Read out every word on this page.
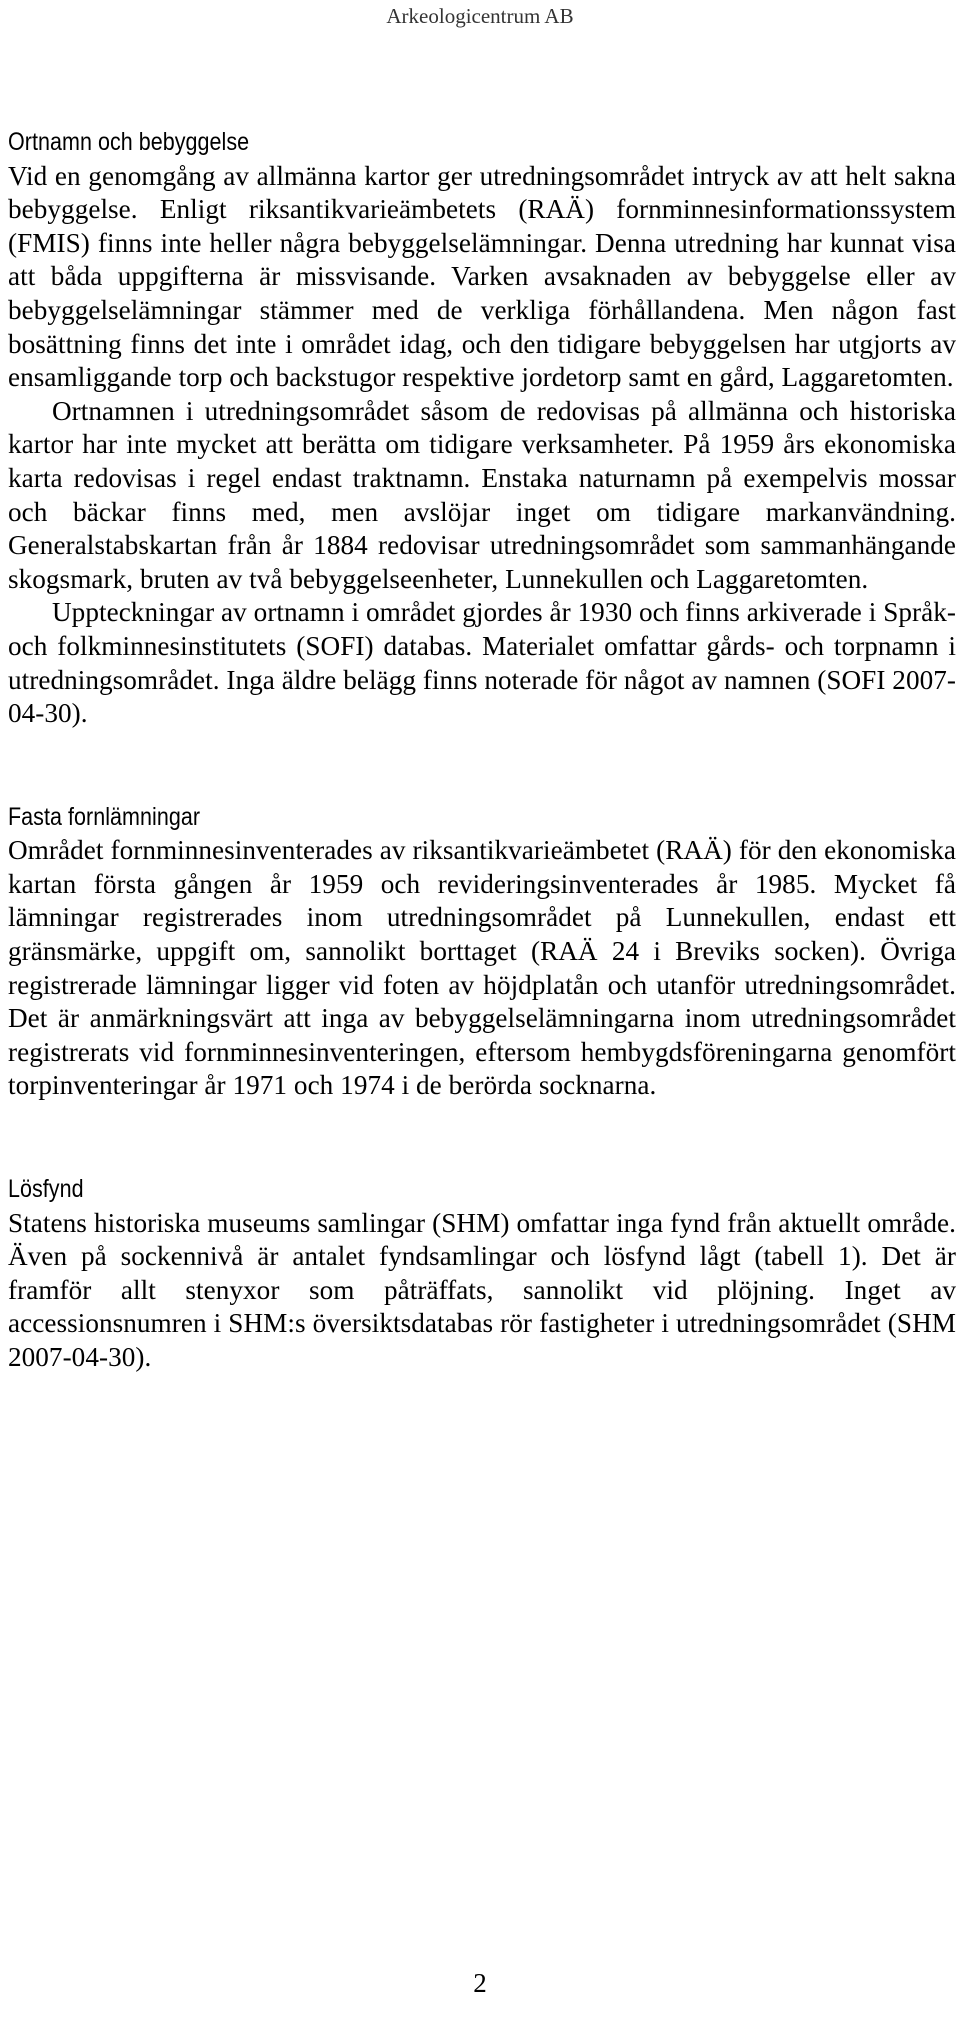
Arkeologicentrum AB
Ortnamn och bebyggelse

Vid en genomgång av allmänna kartor ger utredningsområdet intryck av att helt sakna bebyggelse. Enligt riksantikvarieämbetets (RAÄ) fornminnesinformationssystem (FMIS) finns inte heller några bebyggelselämningar. Denna utredning har kunnat visa att båda uppgifterna är missvisande. Varken avsaknaden av bebyggelse eller av bebyggelselämningar stämmer med de verkliga förhållandena. Men någon fast bosättning finns det inte i området idag, och den tidigare bebyggelsen har utgjorts av ensamliggande torp och backstugor respektive jordetorp samt en gård, Laggaretomten.

Ortnamnen i utredningsområdet såsom de redovisas på allmänna och historiska kartor har inte mycket att berätta om tidigare verksamheter. På 1959 års ekonomiska karta redovisas i regel endast traktnamn. Enstaka naturnamn på exempelvis mossar och bäckar finns med, men avslöjar inget om tidigare markanvändning. Generalstabskartan från år 1884 redovisar utredningsområdet som sammanhängande skogsmark, bruten av två bebyggelseenheter, Lunnekullen och Laggaretomten.

Uppteckningar av ortnamn i området gjordes år 1930 och finns arkiverade i Språk- och folkminnesinstitutets (SOFI) databas. Materialet omfattar gårds- och torpnamn i utredningsområdet. Inga äldre belägg finns noterade för något av namnen (SOFI 2007-04-30).

Fasta fornlämningar

Området fornminnesinventerades av riksantikvarieämbetet (RAÄ) för den ekonomiska kartan första gången år 1959 och revideringsinventerades år 1985. Mycket få lämningar registrerades inom utredningsområdet på Lunnekullen, endast ett gränsmärke, uppgift om, sannolikt borttaget (RAÄ 24 i Breviks socken). Övriga registrerade lämningar ligger vid foten av höjdplatån och utanför utredningsområdet. Det är anmärkningsvärt att inga av bebyggelselämningarna inom utredningsområdet registrerats vid fornminnesinventeringen, eftersom hembygdsföreningarna genomfört torpinventeringar år 1971 och 1974 i de berörda socknarna.

Lösfynd

Statens historiska museums samlingar (SHM) omfattar inga fynd från aktuellt område. Även på sockennivå är antalet fyndsamlingar och lösfynd lågt (tabell 1). Det är framför allt stenyxor som påträffats, sannolikt vid plöjning. Inget av accessionsnumren i SHM:s översiktsdatabas rör fastigheter i utredningsområdet (SHM 2007-04-30).

2
